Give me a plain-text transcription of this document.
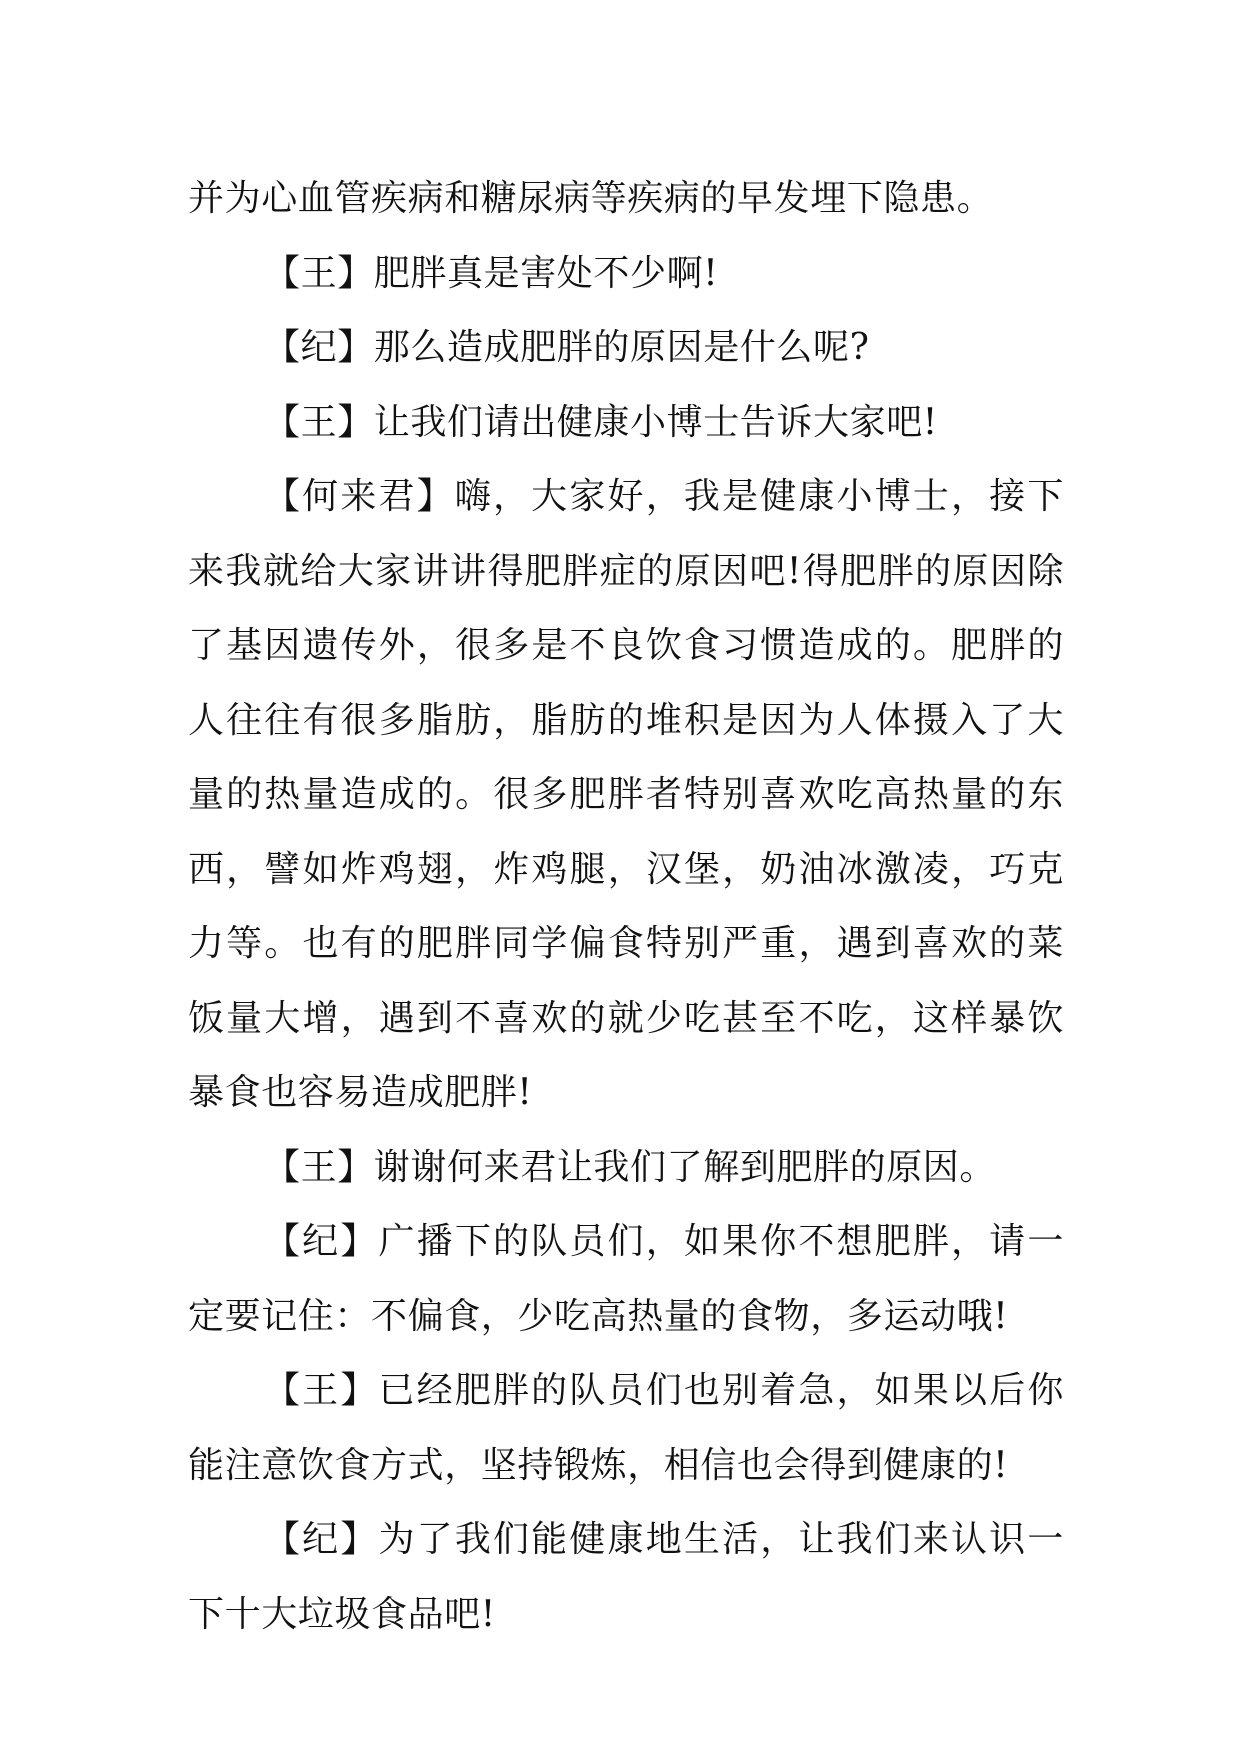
并为心血管疾病和糖尿病等疾病的早发埋下隐患。

【王】肥胖真是害处不少啊!

【纪】那么造成肥胖的原因是什么呢?

【王】让我们请出健康小博士告诉大家吧!

【何来君】嗨，大家好，我是健康小博士，接下来我就给大家讲讲得肥胖症的原因吧!得肥胖的原因除了基因遗传外，很多是不良饮食习惯造成的。肥胖的人往往有很多脂肪，脂肪的堆积是因为人体摄入了大量的热量造成的。很多肥胖者特别喜欢吃高热量的东西，譬如炸鸡翅，炸鸡腿，汉堡，奶油冰激凌，巧克力等。也有的肥胖同学偏食特别严重，遇到喜欢的菜饭量大增，遇到不喜欢的就少吃甚至不吃，这样暴饮暴食也容易造成肥胖!

【王】谢谢何来君让我们了解到肥胖的原因。

【纪】广播下的队员们，如果你不想肥胖，请一定要记住：不偏食，少吃高热量的食物，多运动哦!

【王】已经肥胖的队员们也别着急，如果以后你能注意饮食方式，坚持锻炼，相信也会得到健康的!

【纪】为了我们能健康地生活，让我们来认识一下十大垃圾食品吧!
